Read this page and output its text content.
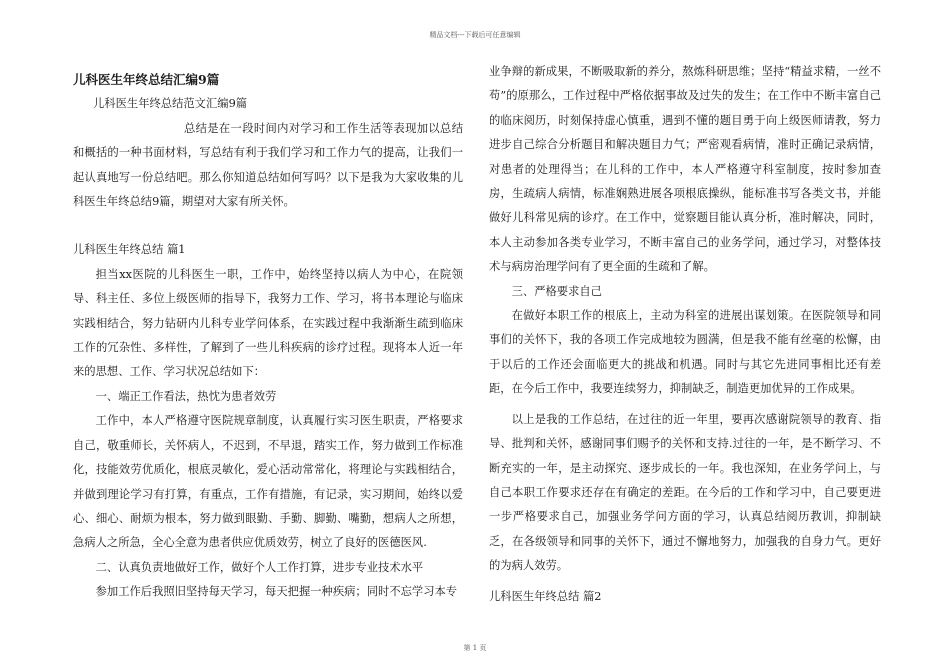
精品文档---下载后可任意编辑

儿科医生年终总结汇编9篇

儿科医生年终总结范文汇编9篇

总结是在一段时间内对学习和工作生活等表现加以总结和概括的一种书面材料，写总结有利于我们学习和工作力气的提高，让我们一起认真地写一份总结吧。那么你知道总结如何写吗？以下是我为大家收集的儿科医生年终总结9篇，期望对大家有所关怀。

儿科医生年终总结 篇1

担当xx医院的儿科医生一职，工作中，始终坚持以病人为中心，在院领导、科主任、多位上级医师的指导下，我努力工作、学习，将书本理论与临床实践相结合，努力钻研内儿科专业学问体系，在实践过程中我渐渐生疏到临床工作的冗杂性、多样性，了解到了一些儿科疾病的诊疗过程。现将本人近一年来的思想、工作、学习状况总结如下：

一、端正工作看法，热忱为患者效劳

工作中，本人严格遵守医院规章制度，认真履行实习医生职责，严格要求自己，敬重师长，关怀病人，不迟到，不早退，踏实工作，努力做到工作标准化，技能效劳优质化，根底灵敏化，爱心活动常常化，将理论与实践相结合，并做到理论学习有打算，有重点，工作有措施，有记录，实习期间，始终以爱心、细心、耐烦为根本，努力做到眼勤、手勤、脚勤、嘴勤，想病人之所想，急病人之所急，全心全意为患者供应优质效劳，树立了良好的医德医风.

二、认真负责地做好工作，做好个人工作打算，进步专业技术水平

参加工作后我照旧坚持每天学习，每天把握一种疾病；同时不忘学习本专

业争辩的新成果，不断吸取新的养分，熬炼科研思维；坚持“精益求精，一丝不苟”的原那么，工作过程中严格依据事故及过失的发生；在工作中不断丰富自己的临床阅历，时刻保持虚心慎重，遇到不懂的题目勇于向上级医师请教，努力进步自己综合分析题目和解决题目力气；严密观看病情，准时正确记录病情，对患者的处理得当；在儿科的工作中，本人严格遵守科室制度，按时参加查房，生疏病人病情，标准娴熟进展各项根底操纵，能标准书写各类文书，并能做好儿科常见病的诊疗。在工作中，觉察题目能认真分析，准时解决，同时，本人主动参加各类专业学习，不断丰富自己的业务学问，通过学习，对整体技术与病房治理学问有了更全面的生疏和了解。

三、严格要求自己

在做好本职工作的根底上，主动为科室的进展出谋划策。在医院领导和同事们的关怀下，我的各项工作完成地较为圆满，但是我不能有丝毫的松懈，由于以后的工作还会面临更大的挑战和机遇。同时与其它先进同事相比还有差距，在今后工作中，我要连续努力，抑制缺乏，制造更加优异的工作成果。

以上是我的工作总结，在过往的近一年里，要再次感谢院领导的教育、指导、批判和关怀，感谢同事们赐予的关怀和支持.过往的一年，是不断学习、不断充实的一年，是主动探究、逐步成长的一年。我也深知，在业务学问上，与自己本职工作要求还存在有确定的差距。在今后的工作和学习中，自己要更进一步严格要求自己，加强业务学问方面的学习，认真总结阅历教训，抑制缺乏，在各级领导和同事的关怀下，通过不懈地努力，加强我的自身力气。更好的为病人效劳。

儿科医生年终总结 篇2

第 1 页
